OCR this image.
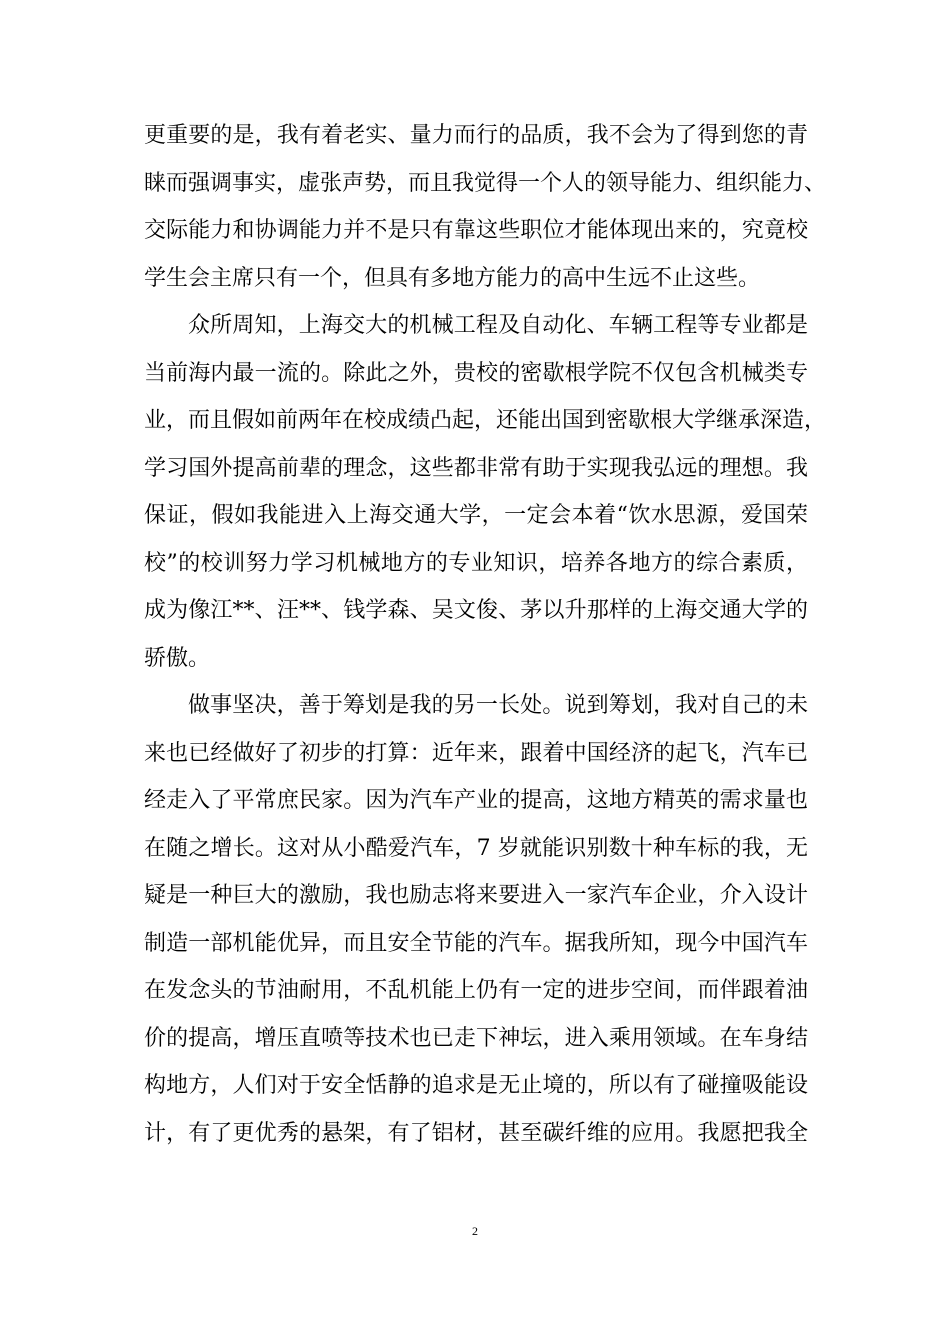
更重要的是，我有着老实、量力而行的品质，我不会为了得到您的青
睐而强调事实，虚张声势，而且我觉得一个人的领导能力、组织能力、
交际能力和协调能力并不是只有靠这些职位才能体现出来的，究竟校
学生会主席只有一个，但具有多地方能力的高中生远不止这些。
众所周知，上海交大的机械工程及自动化、车辆工程等专业都是
当前海内最一流的。除此之外，贵校的密歇根学院不仅包含机械类专
业，而且假如前两年在校成绩凸起，还能出国到密歇根大学继承深造，
学习国外提高前辈的理念，这些都非常有助于实现我弘远的理想。我
保证，假如我能进入上海交通大学，一定会本着“饮水思源，爱国荣
校”的校训努力学习机械地方的专业知识，培养各地方的综合素质，
成为像江**、汪**、钱学森、吴文俊、茅以升那样的上海交通大学的
骄傲。
做事坚决，善于筹划是我的另一长处。说到筹划，我对自己的未
来也已经做好了初步的打算：近年来，跟着中国经济的起飞，汽车已
经走入了平常庶民家。因为汽车产业的提高，这地方精英的需求量也
在随之增长。这对从小酷爱汽车，7 岁就能识别数十种车标的我，无
疑是一种巨大的激励，我也励志将来要进入一家汽车企业，介入设计
制造一部机能优异，而且安全节能的汽车。据我所知，现今中国汽车
在发念头的节油耐用，不乱机能上仍有一定的进步空间，而伴跟着油
价的提高，增压直喷等技术也已走下神坛，进入乘用领域。在车身结
构地方，人们对于安全恬静的追求是无止境的，所以有了碰撞吸能设
计，有了更优秀的悬架，有了铝材，甚至碳纤维的应用。我愿把我全
2
